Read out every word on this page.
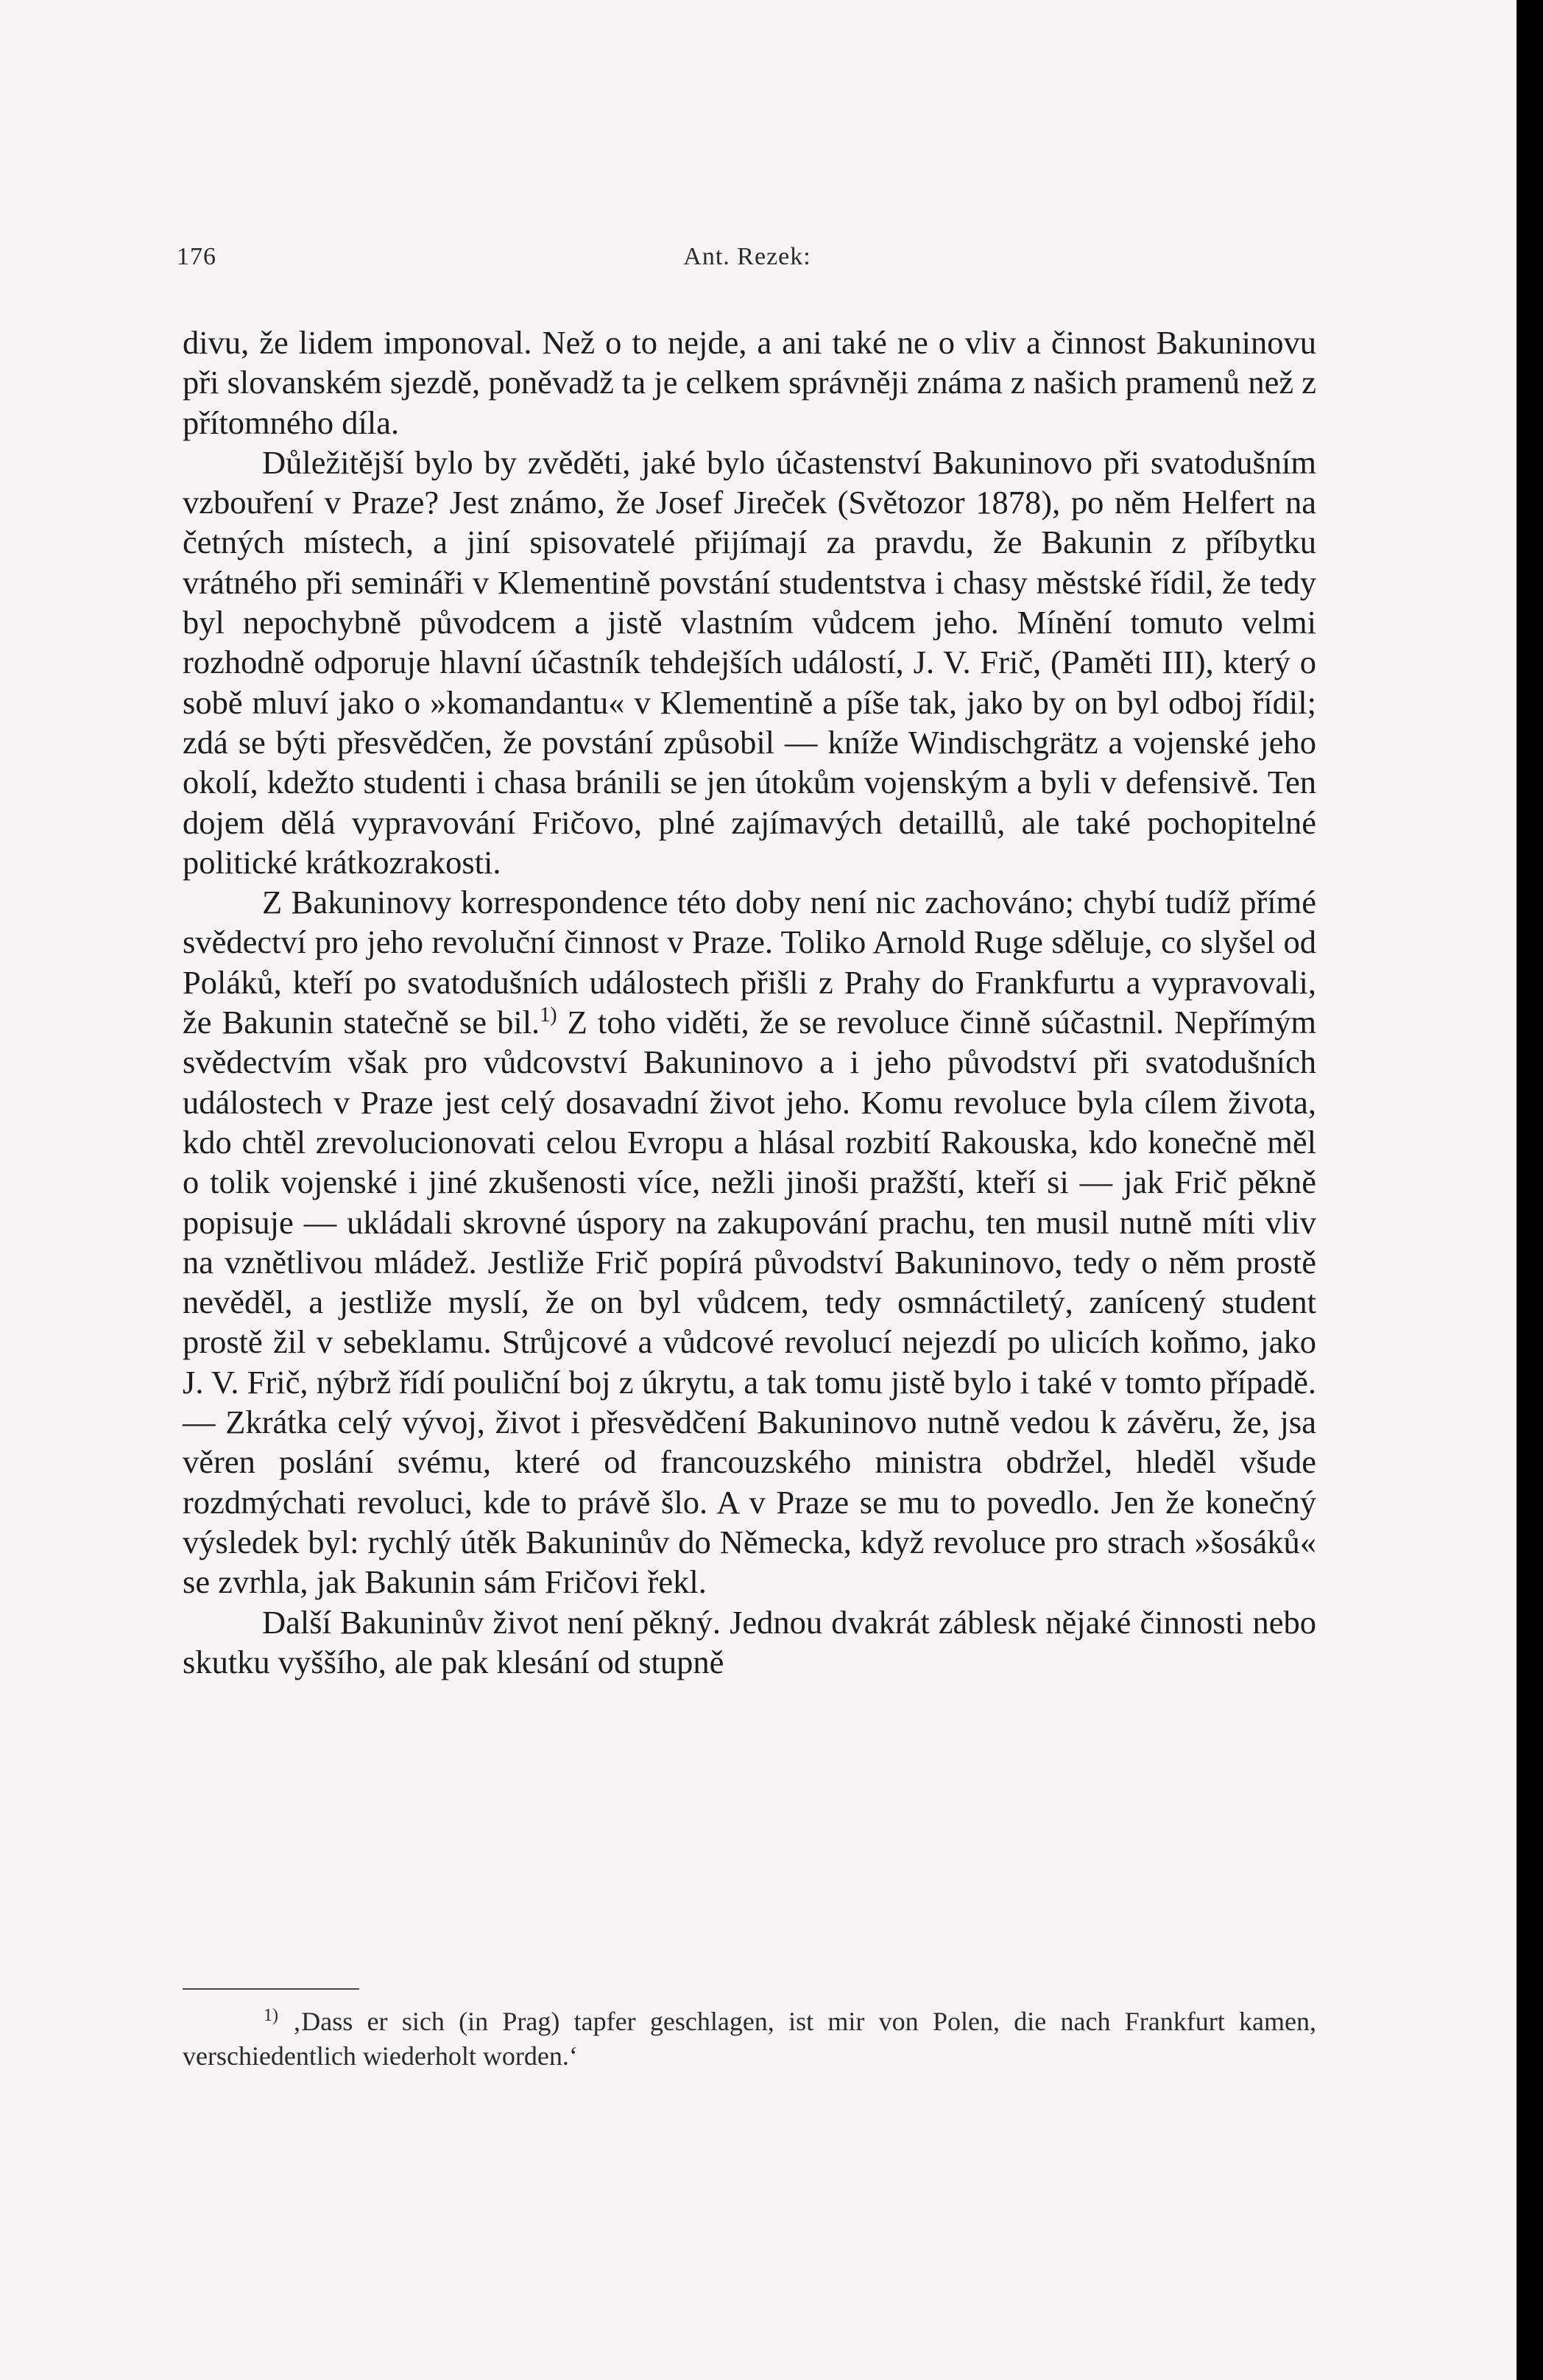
176	Ant. Rezek:

divu, že lidem imponoval. Než o to nejde, a ani také ne o vliv a činnost Bakuninovu při slovanském sjezdě, poněvadž ta je celkem správněji známa z našich pramenů než z přítomného díla.

Důležitější bylo by zvěděti, jaké bylo účastenství Bakuninovo při svatodušním vzbouření v Praze? Jest známo, že Josef Jireček (Světozor 1878), po něm Helfert na četných místech, a jiní spisovatelé přijímají za pravdu, že Bakunin z příbytku vrátného při semináři v Klementině povstání studentstva i chasy městské řídil, že tedy byl nepochybně původcem a jistě vlastním vůdcem jeho. Mínění tomuto velmi rozhodně odporuje hlavní účastník tehdejších událostí, J. V. Frič, (Paměti III), který o sobě mluví jako o »komandantu« v Klementině a píše tak, jako by on byl odboj řídil; zdá se býti přesvědčen, že povstání způsobil — kníže Windischgrätz a vojenské jeho okolí, kdežto studenti i chasa bránili se jen útokům vojenským a byli v defensivě. Ten dojem dělá vypravování Fričovo, plné zajímavých detaillů, ale také pochopitelné politické krátkozrakosti.

Z Bakuninovy korrespondence této doby není nic zachováno; chybí tudíž přímé svědectví pro jeho revoluční činnost v Praze. Toliko Arnold Ruge sděluje, co slyšel od Poláků, kteří po svatodušních událostech přišli z Prahy do Frankfurtu a vypravovali, že Bakunin statečně se bil.$^{1)}$ Z toho viděti, že se revoluce činně súčastnil. Nepřímým svědectvím však pro vůdcovství Bakuninovo a i jeho původství při svatodušních událostech v Praze jest celý dosavadní život jeho. Komu revoluce byla cílem života, kdo chtěl zrevolucionovati celou Evropu a hlásal rozbití Rakouska, kdo konečně měl o tolik vojenské i jiné zkušenosti více, nežli jinoši pražští, kteří si — jak Frič pěkně popisuje — ukládali skrovné úspory na zakupování prachu, ten musil nutně míti vliv na vznětlivou mládež. Jestliže Frič popírá původství Bakuninovo, tedy o něm prostě nevěděl, a jestliže myslí, že on byl vůdcem, tedy osmnáctiletý, zanícený student prostě žil v sebeklamu. Strůjcové a vůdcové revolucí nejezdí po ulicích koňmo, jako J. V. Frič, nýbrž řídí pouliční boj z úkrytu, a tak tomu jistě bylo i také v tomto případě. — Zkrátka celý vývoj, život i přesvědčení Bakuninovo nutně vedou k závěru, že, jsa věren poslání svému, které od francouzského ministra obdržel, hleděl všude rozdmýchati revoluci, kde to právě šlo. A v Praze se mu to povedlo. Jen že konečný výsledek byl: rychlý útěk Bakuninův do Německa, když revoluce pro strach »šosáků« se zvrhla, jak Bakunin sám Fričovi řekl.

Další Bakuninův život není pěkný. Jednou dvakrát záblesk nějaké činnosti nebo skutku vyššího, ale pak klesání od stupně

$^{1)}$ ‚Dass er sich (in Prag) tapfer geschlagen, ist mir von Polen, die nach Frankfurt kamen, verschiedentlich wiederholt worden.‘
